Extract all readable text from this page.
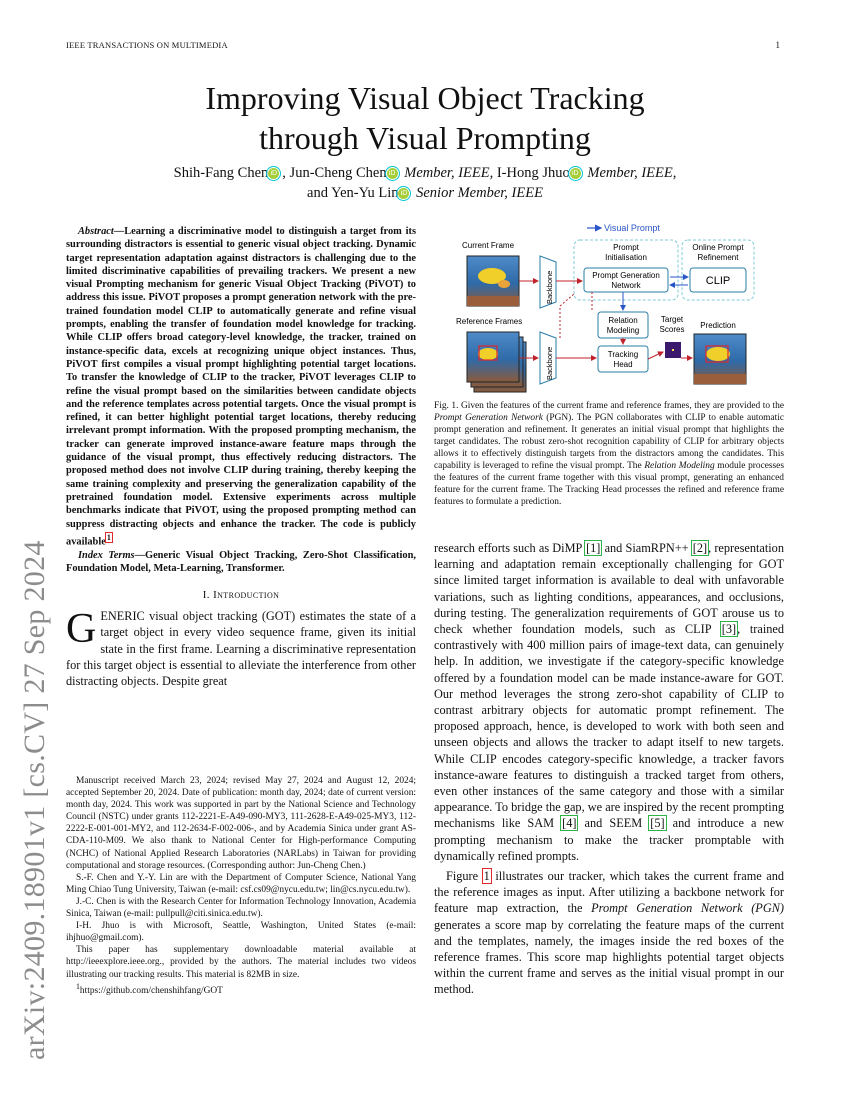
IEEE TRANSACTIONS ON MULTIMEDIA	1
arXiv:2409.18901v1 [cs.CV] 27 Sep 2024
Improving Visual Object Tracking
through Visual Prompting
Shih-Fang Chen iD , Jun-Cheng Chen iD Member, IEEE, I-Hong Jhuo iD Member, IEEE,
and Yen-Yu Lin iD Senior Member, IEEE

Abstract—Learning a discriminative model to distinguish a target from its surrounding distractors is essential to generic visual object tracking. Dynamic target representation adaptation against distractors is challenging due to the limited discriminative capabilities of prevailing trackers. We present a new visual Prompting mechanism for generic Visual Object Tracking (PiVOT) to address this issue. PiVOT proposes a prompt generation network with the pre-trained foundation model CLIP to automatically generate and refine visual prompts, enabling the transfer of foundation model knowledge for tracking. While CLIP offers broad category-level knowledge, the tracker, trained on instance-specific data, excels at recognizing unique object instances. Thus, PiVOT first compiles a visual prompt highlighting potential target locations. To transfer the knowledge of CLIP to the tracker, PiVOT leverages CLIP to refine the visual prompt based on the similarities between candidate objects and the reference templates across potential targets. Once the visual prompt is refined, it can better highlight potential target locations, thereby reducing irrelevant prompt information. With the proposed prompting mechanism, the tracker can generate improved instance-aware feature maps through the guidance of the visual prompt, thus effectively reducing distractors. The proposed method does not involve CLIP during training, thereby keeping the same training complexity and preserving the generalization capability of the pretrained foundation model. Extensive experiments across multiple benchmarks indicate that PiVOT, using the proposed prompting method can suppress distracting objects and enhance the tracker. The code is publicly available$^1$

Index Terms—Generic Visual Object Tracking, Zero-Shot Classification, Foundation Model, Meta-Learning, Transformer.

I. Introduction

GENERIC visual object tracking (GOT) estimates the state of a target object in every video sequence frame, given its initial state in the first frame. Learning a discriminative representation for this target object is essential to alleviate the interference from other distracting objects. Despite great

Manuscript received March 23, 2024; revised May 27, 2024 and August 12, 2024; accepted September 20, 2024. Date of publication: month day, 2024; date of current version: month day, 2024. This work was supported in part by the National Science and Technology Council (NSTC) under grants 112-2221-E-A49-090-MY3, 111-2628-E-A49-025-MY3, 112-2222-E-001-001-MY2, and 112-2634-F-002-006-, and by Academia Sinica under grant AS-CDA-110-M09. We also thank to National Center for High-performance Computing (NCHC) of National Applied Research Laboratories (NARLabs) in Taiwan for providing computational and storage resources. (Corresponding author: Jun-Cheng Chen.)

S.-F. Chen and Y.-Y. Lin are with the Department of Computer Science, National Yang Ming Chiao Tung University, Taiwan (e-mail: csf.cs09@nycu.edu.tw; lin@cs.nycu.edu.tw).

J.-C. Chen is with the Research Center for Information Technology Innovation, Academia Sinica, Taiwan (e-mail: pullpull@citi.sinica.edu.tw).

I-H. Jhuo is with Microsoft, Seattle, Washington, United States (e-mail: ihjhuo@gmail.com).

This paper has supplementary downloadable material available at http://ieeexplore.ieee.org., provided by the authors. The material includes two videos illustrating our tracking results. This material is 82MB in size.

$^1$https://github.com/chenshihfang/GOT

Visual Prompt
Current Frame
Backbone
Prompt
Initialisation
Prompt Generation
Network
Online Prompt
Refinement
CLIP
Reference Frames
Backbone
Relation
Modeling
Target
Scores
Tracking
Head
Prediction
Fig. 1. Given the features of the current frame and reference frames, they are provided to the Prompt Generation Network (PGN). The PGN collaborates with CLIP to enable automatic prompt generation and refinement. It generates an initial visual prompt that highlights the target candidates. The robust zero-shot recognition capability of CLIP for arbitrary objects allows it to effectively distinguish targets from the distractors among the candidates. This capability is leveraged to refine the visual prompt. The Relation Modeling module processes the features of the current frame together with this visual prompt, generating an enhanced feature for the current frame. The Tracking Head processes the refined and reference frame features to formulate a prediction.

research efforts such as DiMP [1] and SiamRPN++ [2], representation learning and adaptation remain exceptionally challenging for GOT since limited target information is available to deal with unfavorable variations, such as lighting conditions, appearances, and occlusions, during testing. The generalization requirements of GOT arouse us to check whether foundation models, such as CLIP [3], trained contrastively with 400 million pairs of image-text data, can genuinely help. In addition, we investigate if the category-specific knowledge offered by a foundation model can be made instance-aware for GOT. Our method leverages the strong zero-shot capability of CLIP to contrast arbitrary objects for automatic prompt refinement. The proposed approach, hence, is developed to work with both seen and unseen objects and allows the tracker to adapt itself to new targets. While CLIP encodes category-specific knowledge, a tracker favors instance-aware features to distinguish a tracked target from others, even other instances of the same category and those with a similar appearance. To bridge the gap, we are inspired by the recent prompting mechanisms like SAM [4] and SEEM [5] and introduce a new prompting mechanism to make the tracker promptable with dynamically refined prompts.

Figure 1 illustrates our tracker, which takes the current frame and the reference images as input. After utilizing a backbone network for feature map extraction, the Prompt Generation Network (PGN) generates a score map by correlating the feature maps of the current and the templates, namely, the images inside the red boxes of the reference frames. This score map highlights potential target objects within the current frame and serves as the initial visual prompt in our method.
